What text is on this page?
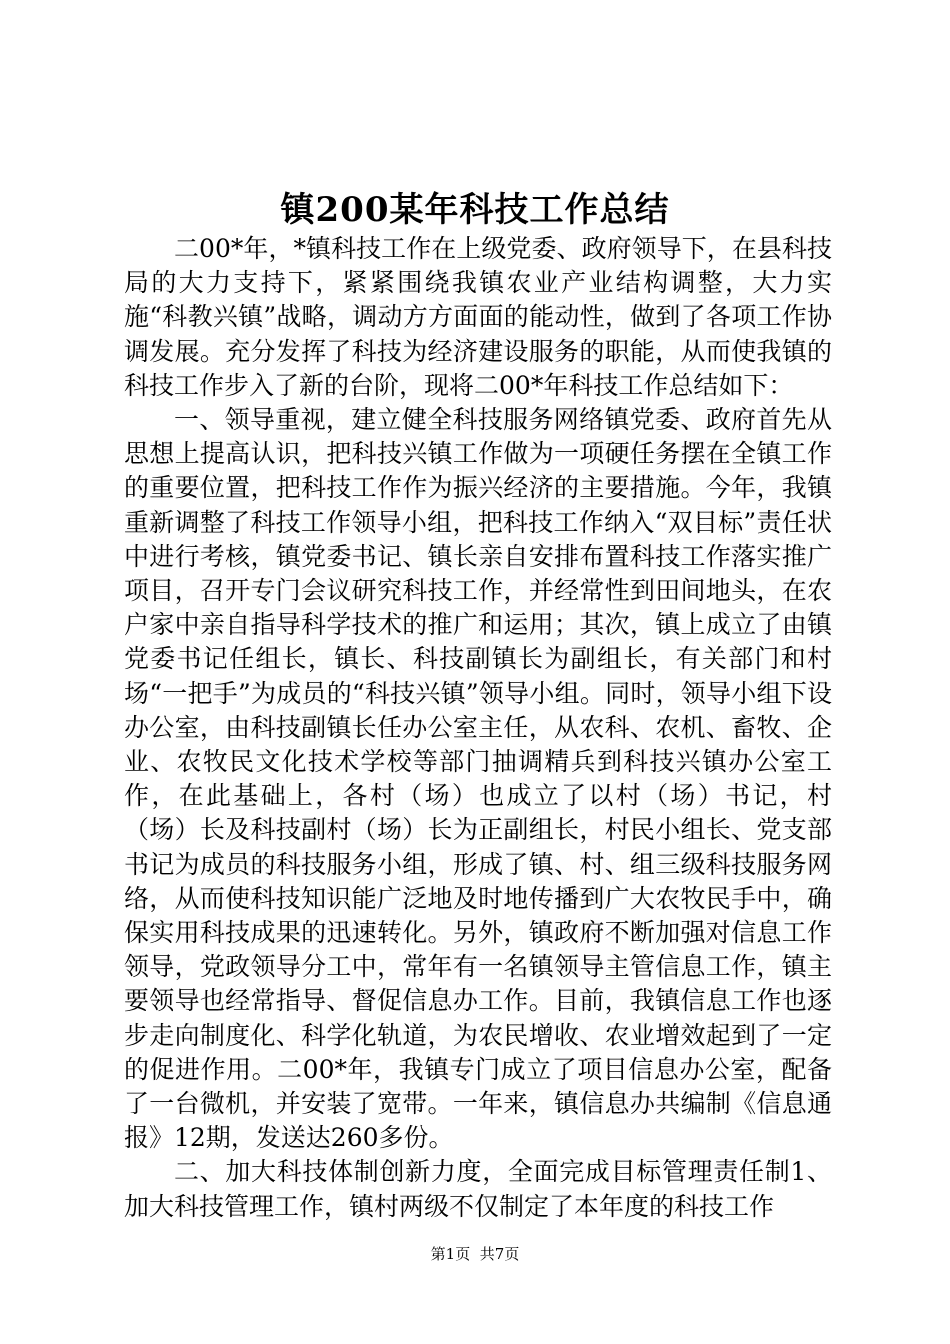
镇200某年科技工作总结

二00*年，*镇科技工作在上级党委、政府领导下，在县科技局的大力支持下，紧紧围绕我镇农业产业结构调整，大力实施“科教兴镇”战略，调动方方面面的能动性，做到了各项工作协调发展。充分发挥了科技为经济建设服务的职能，从而使我镇的科技工作步入了新的台阶，现将二00*年科技工作总结如下：

一、领导重视，建立健全科技服务网络镇党委、政府首先从思想上提高认识，把科技兴镇工作做为一项硬任务摆在全镇工作的重要位置，把科技工作作为振兴经济的主要措施。今年，我镇重新调整了科技工作领导小组，把科技工作纳入“双目标”责任状中进行考核，镇党委书记、镇长亲自安排布置科技工作落实推广项目，召开专门会议研究科技工作，并经常性到田间地头，在农户家中亲自指导科学技术的推广和运用；其次，镇上成立了由镇党委书记任组长，镇长、科技副镇长为副组长，有关部门和村场“一把手”为成员的“科技兴镇”领导小组。同时，领导小组下设办公室，由科技副镇长任办公室主任，从农科、农机、畜牧、企业、农牧民文化技术学校等部门抽调精兵到科技兴镇办公室工作，在此基础上，各村（场）也成立了以村（场）书记，村（场）长及科技副村（场）长为正副组长，村民小组长、党支部书记为成员的科技服务小组，形成了镇、村、组三级科技服务网络，从而使科技知识能广泛地及时地传播到广大农牧民手中，确保实用科技成果的迅速转化。另外，镇政府不断加强对信息工作领导，党政领导分工中，常年有一名镇领导主管信息工作，镇主要领导也经常指导、督促信息办工作。目前，我镇信息工作也逐步走向制度化、科学化轨道，为农民增收、农业增效起到了一定的促进作用。二00*年，我镇专门成立了项目信息办公室，配备了一台微机，并安装了宽带。一年来，镇信息办共编制《信息通报》12期，发送达260多份。

二、加大科技体制创新力度，全面完成目标管理责任制1、加大科技管理工作，镇村两级不仅制定了本年度的科技工作

第1页  共7页
